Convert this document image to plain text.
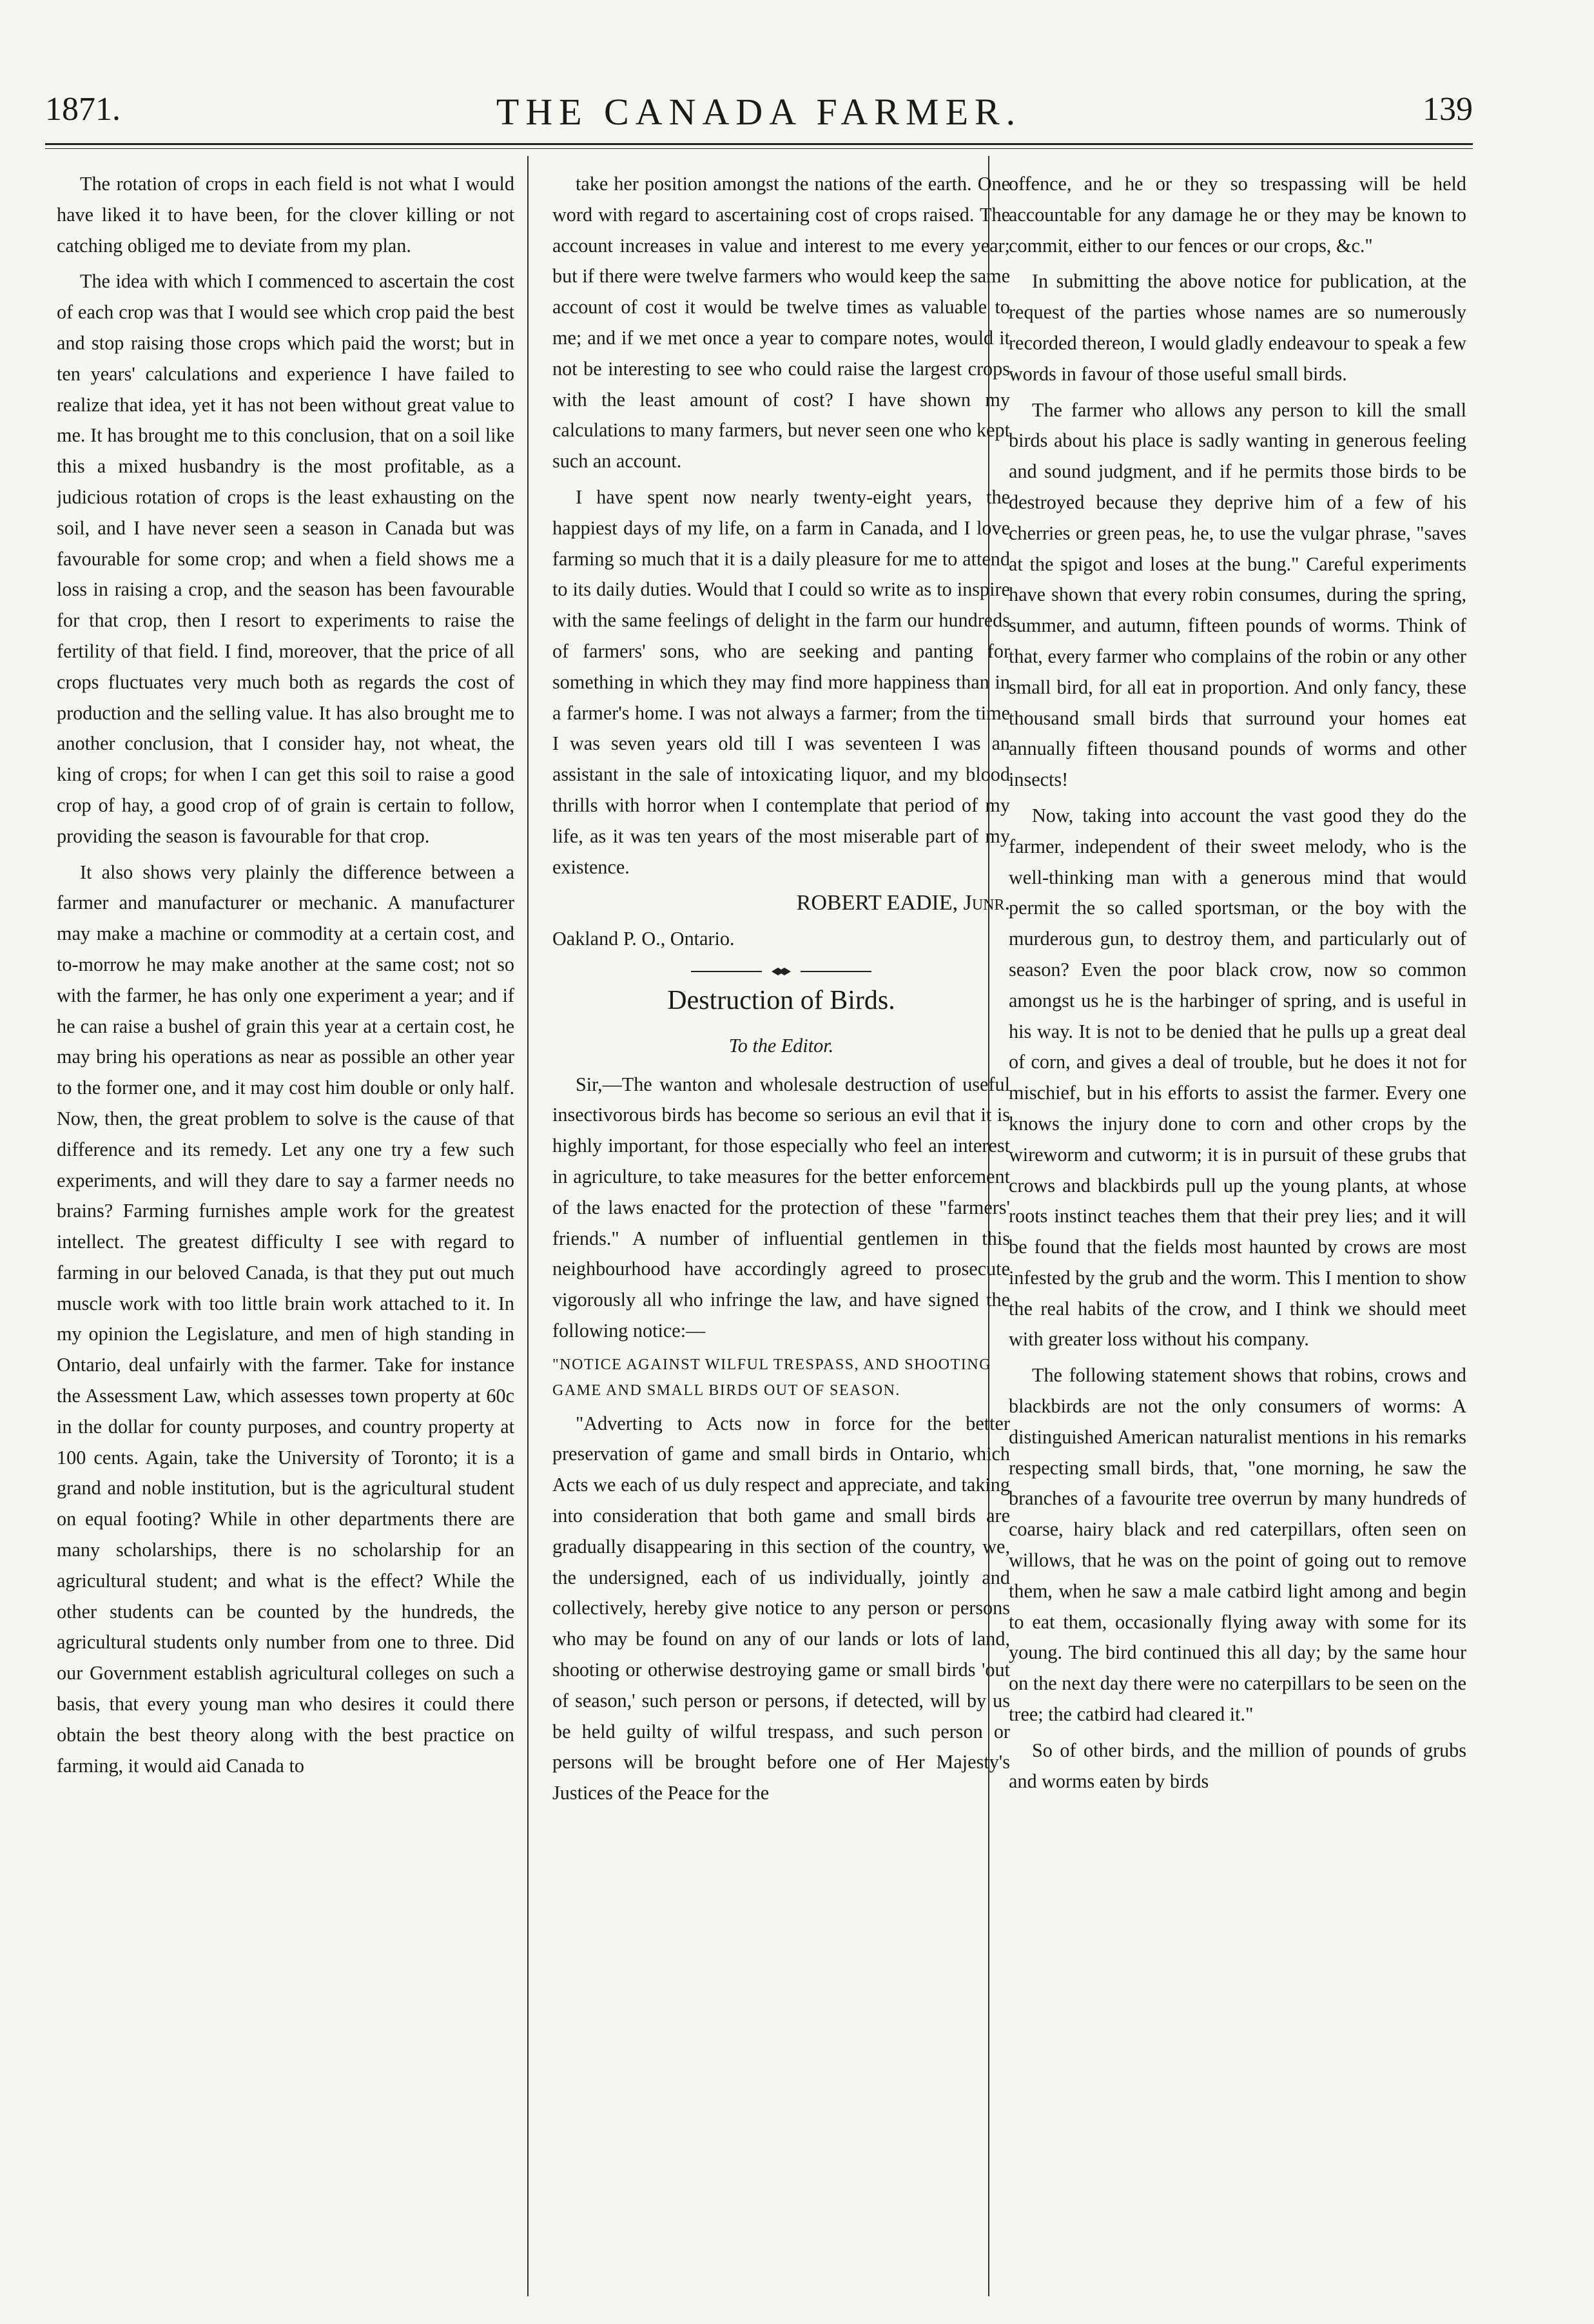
1871.	THE CANADA FARMER.	139

The rotation of crops in each field is not what I would have liked it to have been, for the clover killing or not catching obliged me to deviate from my plan.

The idea with which I commenced to ascertain the cost of each crop was that I would see which crop paid the best and stop raising those crops which paid the worst; but in ten years' calculations and experience I have failed to realize that idea, yet it has not been without great value to me. It has brought me to this conclusion, that on a soil like this a mixed husbandry is the most profitable, as a judicious rotation of crops is the least exhausting on the soil, and I have never seen a season in Canada but was favourable for some crop; and when a field shows me a loss in raising a crop, and the season has been favourable for that crop, then I resort to experiments to raise the fertility of that field. I find, moreover, that the price of all crops fluctuates very much both as regards the cost of production and the selling value. It has also brought me to another conclusion, that I consider hay, not wheat, the king of crops; for when I can get this soil to raise a good crop of hay, a good crop of of grain is certain to follow, providing the season is favourable for that crop.

It also shows very plainly the difference between a farmer and manufacturer or mechanic. A manufacturer may make a machine or commodity at a certain cost, and to-morrow he may make another at the same cost; not so with the farmer, he has only one experiment a year; and if he can raise a bushel of grain this year at a certain cost, he may bring his operations as near as possible an other year to the former one, and it may cost him double or only half. Now, then, the great problem to solve is the cause of that difference and its remedy. Let any one try a few such experiments, and will they dare to say a farmer needs no brains? Farming furnishes ample work for the greatest intellect. The greatest difficulty I see with regard to farming in our beloved Canada, is that they put out much muscle work with too little brain work attached to it. In my opinion the Legislature, and men of high standing in Ontario, deal unfairly with the farmer. Take for instance the Assessment Law, which assesses town property at 60c in the dollar for county purposes, and country property at 100 cents. Again, take the University of Toronto; it is a grand and noble institution, but is the agricultural student on equal footing? While in other departments there are many scholarships, there is no scholarship for an agricultural student; and what is the effect? While the other students can be counted by the hundreds, the agricultural students only number from one to three. Did our Government establish agricultural colleges on such a basis, that every young man who desires it could there obtain the best theory along with the best practice on farming, it would aid Canada to

take her position amongst the nations of the earth. One word with regard to ascertaining cost of crops raised. The account increases in value and interest to me every year; but if there were twelve farmers who would keep the same account of cost it would be twelve times as valuable to me; and if we met once a year to compare notes, would it not be interesting to see who could raise the largest crops with the least amount of cost? I have shown my calculations to many farmers, but never seen one who kept such an account.

I have spent now nearly twenty-eight years, the happiest days of my life, on a farm in Canada, and I love farming so much that it is a daily pleasure for me to attend to its daily duties. Would that I could so write as to inspire with the same feelings of delight in the farm our hundreds of farmers' sons, who are seeking and panting for something in which they may find more happiness than in a farmer's home. I was not always a farmer; from the time I was seven years old till I was seventeen I was an assistant in the sale of intoxicating liquor, and my blood thrills with horror when I contemplate that period of my life, as it was ten years of the most miserable part of my existence.

ROBERT EADIE, Junr.

Oakland P. O., Ontario.

Destruction of Birds.
To the Editor.

Sir,—The wanton and wholesale destruction of useful insectivorous birds has become so serious an evil that it is highly important, for those especially who feel an interest in agriculture, to take measures for the better enforcement of the laws enacted for the protection of these "farmers' friends." A number of influential gentlemen in this neighbourhood have accordingly agreed to prosecute vigorously all who infringe the law, and have signed the following notice:—

"NOTICE AGAINST WILFUL TRESPASS, AND SHOOTING GAME AND SMALL BIRDS OUT OF SEASON.

"Adverting to Acts now in force for the better preservation of game and small birds in Ontario, which Acts we each of us duly respect and appreciate, and taking into consideration that both game and small birds are gradually disappearing in this section of the country, we, the undersigned, each of us individually, jointly and collectively, hereby give notice to any person or persons who may be found on any of our lands or lots of land, shooting or otherwise destroying game or small birds 'out of season,' such person or persons, if detected, will by us be held guilty of wilful trespass, and such person or persons will be brought before one of Her Majesty's Justices of the Peace for the

offence, and he or they so trespassing will be held accountable for any damage he or they may be known to commit, either to our fences or our crops, &c."

In submitting the above notice for publication, at the request of the parties whose names are so numerously recorded thereon, I would gladly endeavour to speak a few words in favour of those useful small birds.

The farmer who allows any person to kill the small birds about his place is sadly wanting in generous feeling and sound judgment, and if he permits those birds to be destroyed because they deprive him of a few of his cherries or green peas, he, to use the vulgar phrase, "saves at the spigot and loses at the bung." Careful experiments have shown that every robin consumes, during the spring, summer, and autumn, fifteen pounds of worms. Think of that, every farmer who complains of the robin or any other small bird, for all eat in proportion. And only fancy, these thousand small birds that surround your homes eat annually fifteen thousand pounds of worms and other insects!

Now, taking into account the vast good they do the farmer, independent of their sweet melody, who is the well-thinking man with a generous mind that would permit the so called sportsman, or the boy with the murderous gun, to destroy them, and particularly out of season? Even the poor black crow, now so common amongst us he is the harbinger of spring, and is useful in his way. It is not to be denied that he pulls up a great deal of corn, and gives a deal of trouble, but he does it not for mischief, but in his efforts to assist the farmer. Every one knows the injury done to corn and other crops by the wireworm and cutworm; it is in pursuit of these grubs that crows and blackbirds pull up the young plants, at whose roots instinct teaches them that their prey lies; and it will be found that the fields most haunted by crows are most infested by the grub and the worm. This I mention to show the real habits of the crow, and I think we should meet with greater loss without his company.

The following statement shows that robins, crows and blackbirds are not the only consumers of worms: A distinguished American naturalist mentions in his remarks respecting small birds, that, "one morning, he saw the branches of a favourite tree overrun by many hundreds of coarse, hairy black and red caterpillars, often seen on willows, that he was on the point of going out to remove them, when he saw a male catbird light among and begin to eat them, occasionally flying away with some for its young. The bird continued this all day; by the same hour on the next day there were no caterpillars to be seen on the tree; the catbird had cleared it."

So of other birds, and the million of pounds of grubs and worms eaten by birds
